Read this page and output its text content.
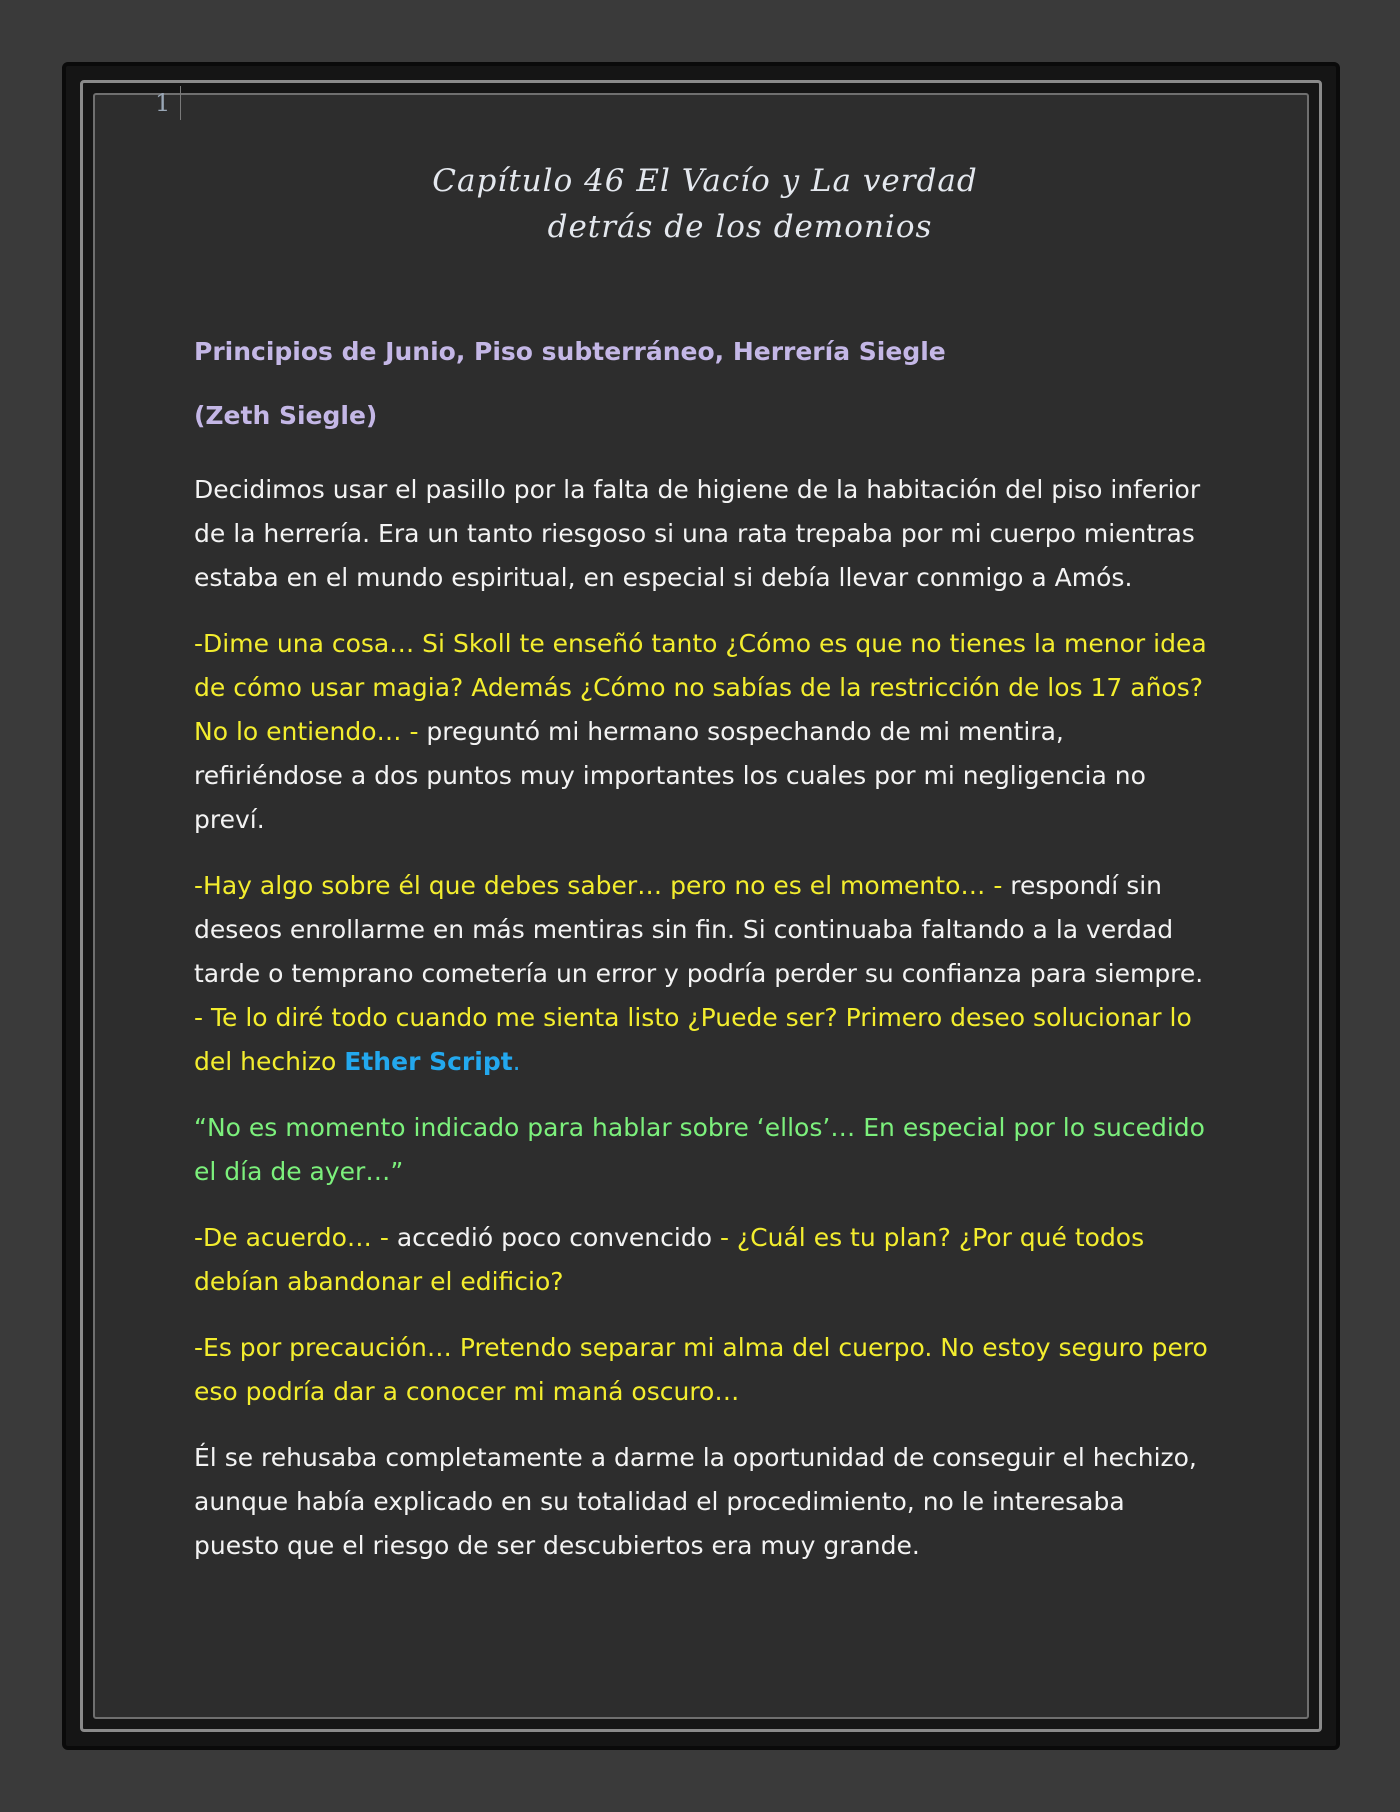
1
Capítulo 46 El Vacío y La verdad
detrás de los demonios

Principios de Junio, Piso subterráneo, Herrería Siegle

(Zeth Siegle)

Decidimos usar el pasillo por la falta de higiene de la habitación del piso inferior de la herrería. Era un tanto riesgoso si una rata trepaba por mi cuerpo mientras estaba en el mundo espiritual, en especial si debía llevar conmigo a Amós.

-Dime una cosa… Si Skoll te enseñó tanto ¿Cómo es que no tienes la menor idea de cómo usar magia? Además ¿Cómo no sabías de la restricción de los 17 años? No lo entiendo… - preguntó mi hermano sospechando de mi mentira, refiriéndose a dos puntos muy importantes los cuales por mi negligencia no preví.

-Hay algo sobre él que debes saber… pero no es el momento… - respondí sin deseos enrollarme en más mentiras sin fin. Si continuaba faltando a la verdad tarde o temprano cometería un error y podría perder su confianza para siempre. - Te lo diré todo cuando me sienta listo ¿Puede ser? Primero deseo solucionar lo del hechizo Ether Script.

“No es momento indicado para hablar sobre ‘ellos’… En especial por lo sucedido el día de ayer…”

-De acuerdo… - accedió poco convencido - ¿Cuál es tu plan? ¿Por qué todos debían abandonar el edificio?

-Es por precaución… Pretendo separar mi alma del cuerpo. No estoy seguro pero eso podría dar a conocer mi maná oscuro…

Él se rehusaba completamente a darme la oportunidad de conseguir el hechizo, aunque había explicado en su totalidad el procedimiento, no le interesaba puesto que el riesgo de ser descubiertos era muy grande.
